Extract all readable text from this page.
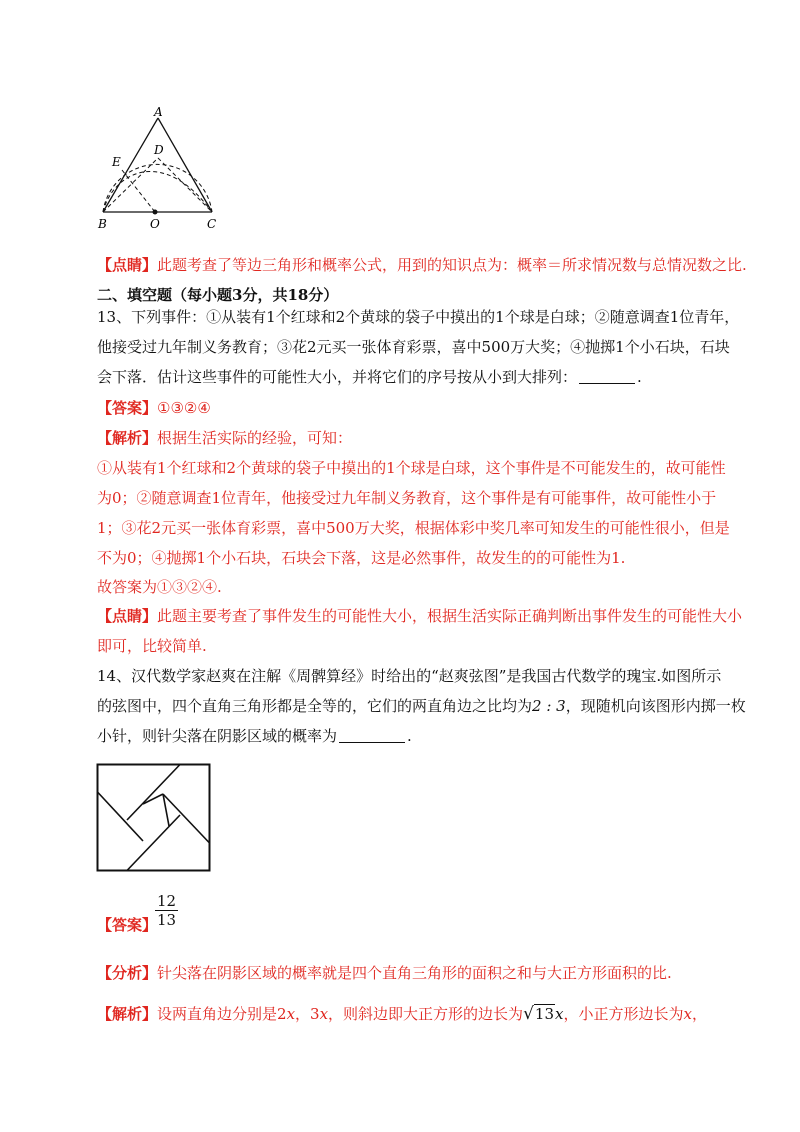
A
E
D
B	O	C
【点睛】此题考查了等边三角形和概率公式，用到的知识点为：概率＝所求情况数与总情况数之比.
二、填空题（每小题3分，共18分）
13、下列事件：①从装有1个红球和2个黄球的袋子中摸出的1个球是白球；②随意调查1位青年，
他接受过九年制义务教育；③花2元买一张体育彩票，喜中500万大奖；④抛掷1个小石块，石块
会下落．估计这些事件的可能性大小，并将它们的序号按从小到大排列：	.
【答案】①③②④
【解析】根据生活实际的经验，可知：
①从装有1个红球和2个黄球的袋子中摸出的1个球是白球，这个事件是不可能发生的，故可能性
为0；②随意调查1位青年，他接受过九年制义务教育，这个事件是有可能事件，故可能性小于
1；③花2元买一张体育彩票，喜中500万大奖，根据体彩中奖几率可知发生的可能性很小，但是
不为0；④抛掷1个小石块，石块会下落，这是必然事件，故发生的的可能性为1.
故答案为①③②④.
【点睛】此题主要考查了事件发生的可能性大小，根据生活实际正确判断出事件发生的可能性大小
即可，比较简单.
14、汉代数学家赵爽在注解《周髀算经》时给出的“赵爽弦图”是我国古代数学的瑰宝.如图所示
的弦图中，四个直角三角形都是全等的，它们的两直角边之比均为2 : 3，现随机向该图形内掷一枚
小针，则针尖落在阴影区域的概率为	.
$\frac{12}{13}$
【答案】
【分析】针尖落在阴影区域的概率就是四个直角三角形的面积之和与大正方形面积的比.
【解析】设两直角边分别是2x，3x，则斜边即大正方形的边长为√13x，小正方形边长为x，
